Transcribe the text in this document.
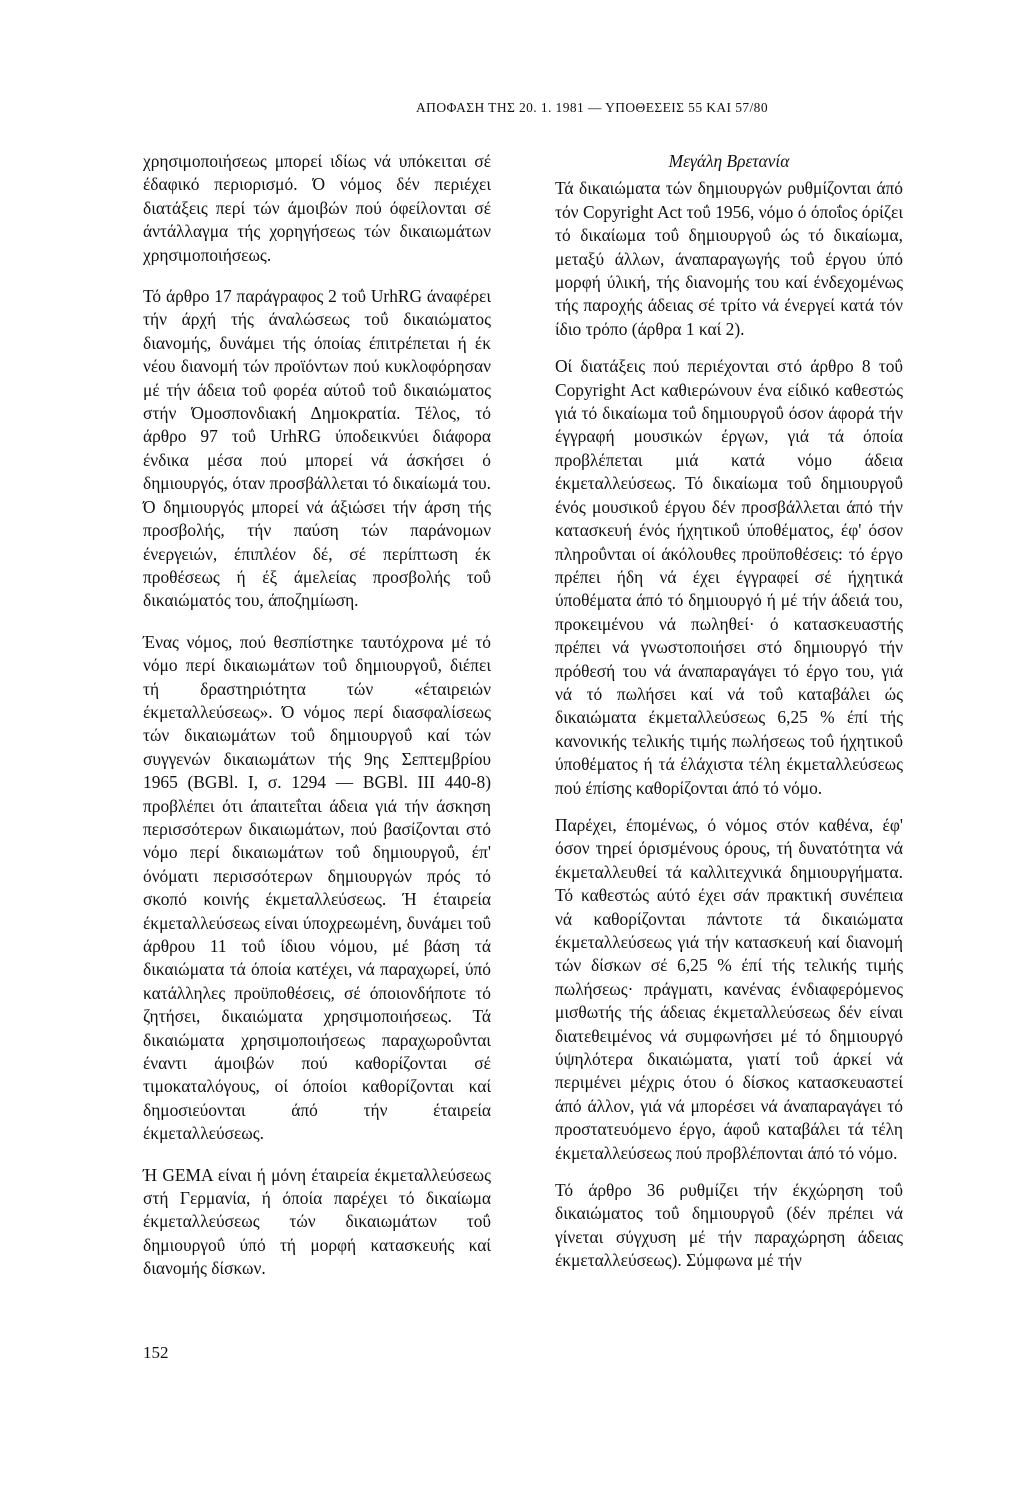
ΑΠΟΦΑΣΗ ΤΗΣ 20. 1. 1981 — ΥΠΟΘΕΣΕΙΣ 55 ΚΑΙ 57/80

χρησιμοποιήσεως μπορεί ιδίως νά υπόκειται σέ έδαφικό περιορισμό. Ό νόμος δέν περιέχει διατάξεις περί τών άμοιβών πού όφείλονται σέ άντάλλαγμα τής χορηγήσεως τών δικαιωμάτων χρησιμοποιήσεως.

Τό άρθρο 17 παράγραφος 2 τοΰ UrhRG άναφέρει τήν άρχή τής άναλώσεως τοΰ δικαιώματος διανομής, δυνάμει τής όποίας έπιτρέπεται ή έκ νέου διανομή τών προϊόντων πού κυκλοφόρησαν μέ τήν άδεια τοΰ φορέα αύτοΰ τοΰ δικαιώματος στήν Όμοσπονδιακή Δημοκρατία. Τέλος, τό άρθρο 97 τοΰ UrhRG ύποδεικνύει διάφορα ένδικα μέσα πού μπορεί νά άσκήσει ό δημιουργός, όταν προσβάλλεται τό δικαίωμά του. Ό δημιουργός μπορεί νά άξιώσει τήν άρση τής προσβολής, τήν παύση τών παράνομων ένεργειών, έπιπλέον δέ, σέ περίπτωση έκ προθέσεως ή έξ άμελείας προσβολής τοΰ δικαιώματός του, άποζημίωση.

Ένας νόμος, πού θεσπίστηκε ταυτόχρονα μέ τό νόμο περί δικαιωμάτων τοΰ δημιουργοΰ, διέπει τή δραστηριότητα τών «έταιρειών έκμεταλλεύσεως». Ό νόμος περί διασφαλίσεως τών δικαιωμάτων τοΰ δημιουργοΰ καί τών συγγενών δικαιωμάτων τής 9ης Σεπτεμβρίου 1965 (BGBl. I, σ. 1294 — BGBl. III 440-8) προβλέπει ότι άπαιτεΐται άδεια γιά τήν άσκηση περισσότερων δικαιωμάτων, πού βασίζονται στό νόμο περί δικαιωμάτων τοΰ δημιουργοΰ, έπ' όνόματι περισσότερων δημιουργών πρός τό σκοπό κοινής έκμεταλλεύσεως. Ή έταιρεία έκμεταλλεύσεως είναι ύποχρεωμένη, δυνάμει τοΰ άρθρου 11 τοΰ ίδιου νόμου, μέ βάση τά δικαιώματα τά όποία κατέχει, νά παραχωρεί, ύπό κατάλληλες προϋποθέσεις, σέ όποιονδήποτε τό ζητήσει, δικαιώματα χρησιμοποιήσεως. Τά δικαιώματα χρησιμοποιήσεως παραχωροΰνται έναντι άμοιβών πού καθορίζονται σέ τιμοκαταλόγους, οί όποίοι καθορίζονται καί δημοσιεύονται άπό τήν έταιρεία έκμεταλλεύσεως.

Ή GEMA είναι ή μόνη έταιρεία έκμεταλλεύσεως στή Γερμανία, ή όποία παρέχει τό δικαίωμα έκμεταλλεύσεως τών δικαιωμάτων τοΰ δημιουργοΰ ύπό τή μορφή κατασκευής καί διανομής δίσκων.

Μεγάλη Βρετανία

Τά δικαιώματα τών δημιουργών ρυθμίζονται άπό τόν Copyright Act τοΰ 1956, νόμο ό όποΐος όρίζει τό δικαίωμα τοΰ δημιουργοΰ ώς τό δικαίωμα, μεταξύ άλλων, άναπαραγωγής τοΰ έργου ύπό μορφή ύλική, τής διανομής του καί ένδεχομένως τής παροχής άδειας σέ τρίτο νά ένεργεί κατά τόν ίδιο τρόπο (άρθρα 1 καί 2).

Οί διατάξεις πού περιέχονται στό άρθρο 8 τοΰ Copyright Act καθιερώνουν ένα είδικό καθεστώς γιά τό δικαίωμα τοΰ δημιουργοΰ όσον άφορά τήν έγγραφή μουσικών έργων, γιά τά όποία προβλέπεται μιά κατά νόμο άδεια έκμεταλλεύσεως. Τό δικαίωμα τοΰ δημιουργοΰ ένός μουσικοΰ έργου δέν προσβάλλεται άπό τήν κατασκευή ένός ήχητικοΰ ύποθέματος, έφ' όσον πληροΰνται οί άκόλουθες προϋποθέσεις: τό έργο πρέπει ήδη νά έχει έγγραφεί σέ ήχητικά ύποθέματα άπό τό δημιουργό ή μέ τήν άδειά του, προκειμένου νά πωληθεί· ό κατασκευαστής πρέπει νά γνωστοποιήσει στό δημιουργό τήν πρόθεσή του νά άναπαραγάγει τό έργο του, γιά νά τό πωλήσει καί νά τοΰ καταβάλει ώς δικαιώματα έκμεταλλεύσεως 6,25 % έπί τής κανονικής τελικής τιμής πωλήσεως τοΰ ήχητικοΰ ύποθέματος ή τά έλάχιστα τέλη έκμεταλλεύσεως πού έπίσης καθορίζονται άπό τό νόμο.

Παρέχει, έπομένως, ό νόμος στόν καθένα, έφ' όσον τηρεί όρισμένους όρους, τή δυνατότητα νά έκμεταλλευθεί τά καλλιτεχνικά δημιουργήματα. Τό καθεστώς αύτό έχει σάν πρακτική συνέπεια νά καθορίζονται πάντοτε τά δικαιώματα έκμεταλλεύσεως γιά τήν κατασκευή καί διανομή τών δίσκων σέ 6,25 % έπί τής τελικής τιμής πωλήσεως· πράγματι, κανένας ένδιαφερόμενος μισθωτής τής άδειας έκμεταλλεύσεως δέν είναι διατεθειμένος νά συμφωνήσει μέ τό δημιουργό ύψηλότερα δικαιώματα, γιατί τοΰ άρκεί νά περιμένει μέχρις ότου ό δίσκος κατασκευαστεί άπό άλλον, γιά νά μπορέσει νά άναπαραγάγει τό προστατευόμενο έργο, άφοΰ καταβάλει τά τέλη έκμεταλλεύσεως πού προβλέπονται άπό τό νόμο.

Τό άρθρο 36 ρυθμίζει τήν έκχώρηση τοΰ δικαιώματος τοΰ δημιουργοΰ (δέν πρέπει νά γίνεται σύγχυση μέ τήν παραχώρηση άδειας έκμεταλλεύσεως). Σύμφωνα μέ τήν

152
